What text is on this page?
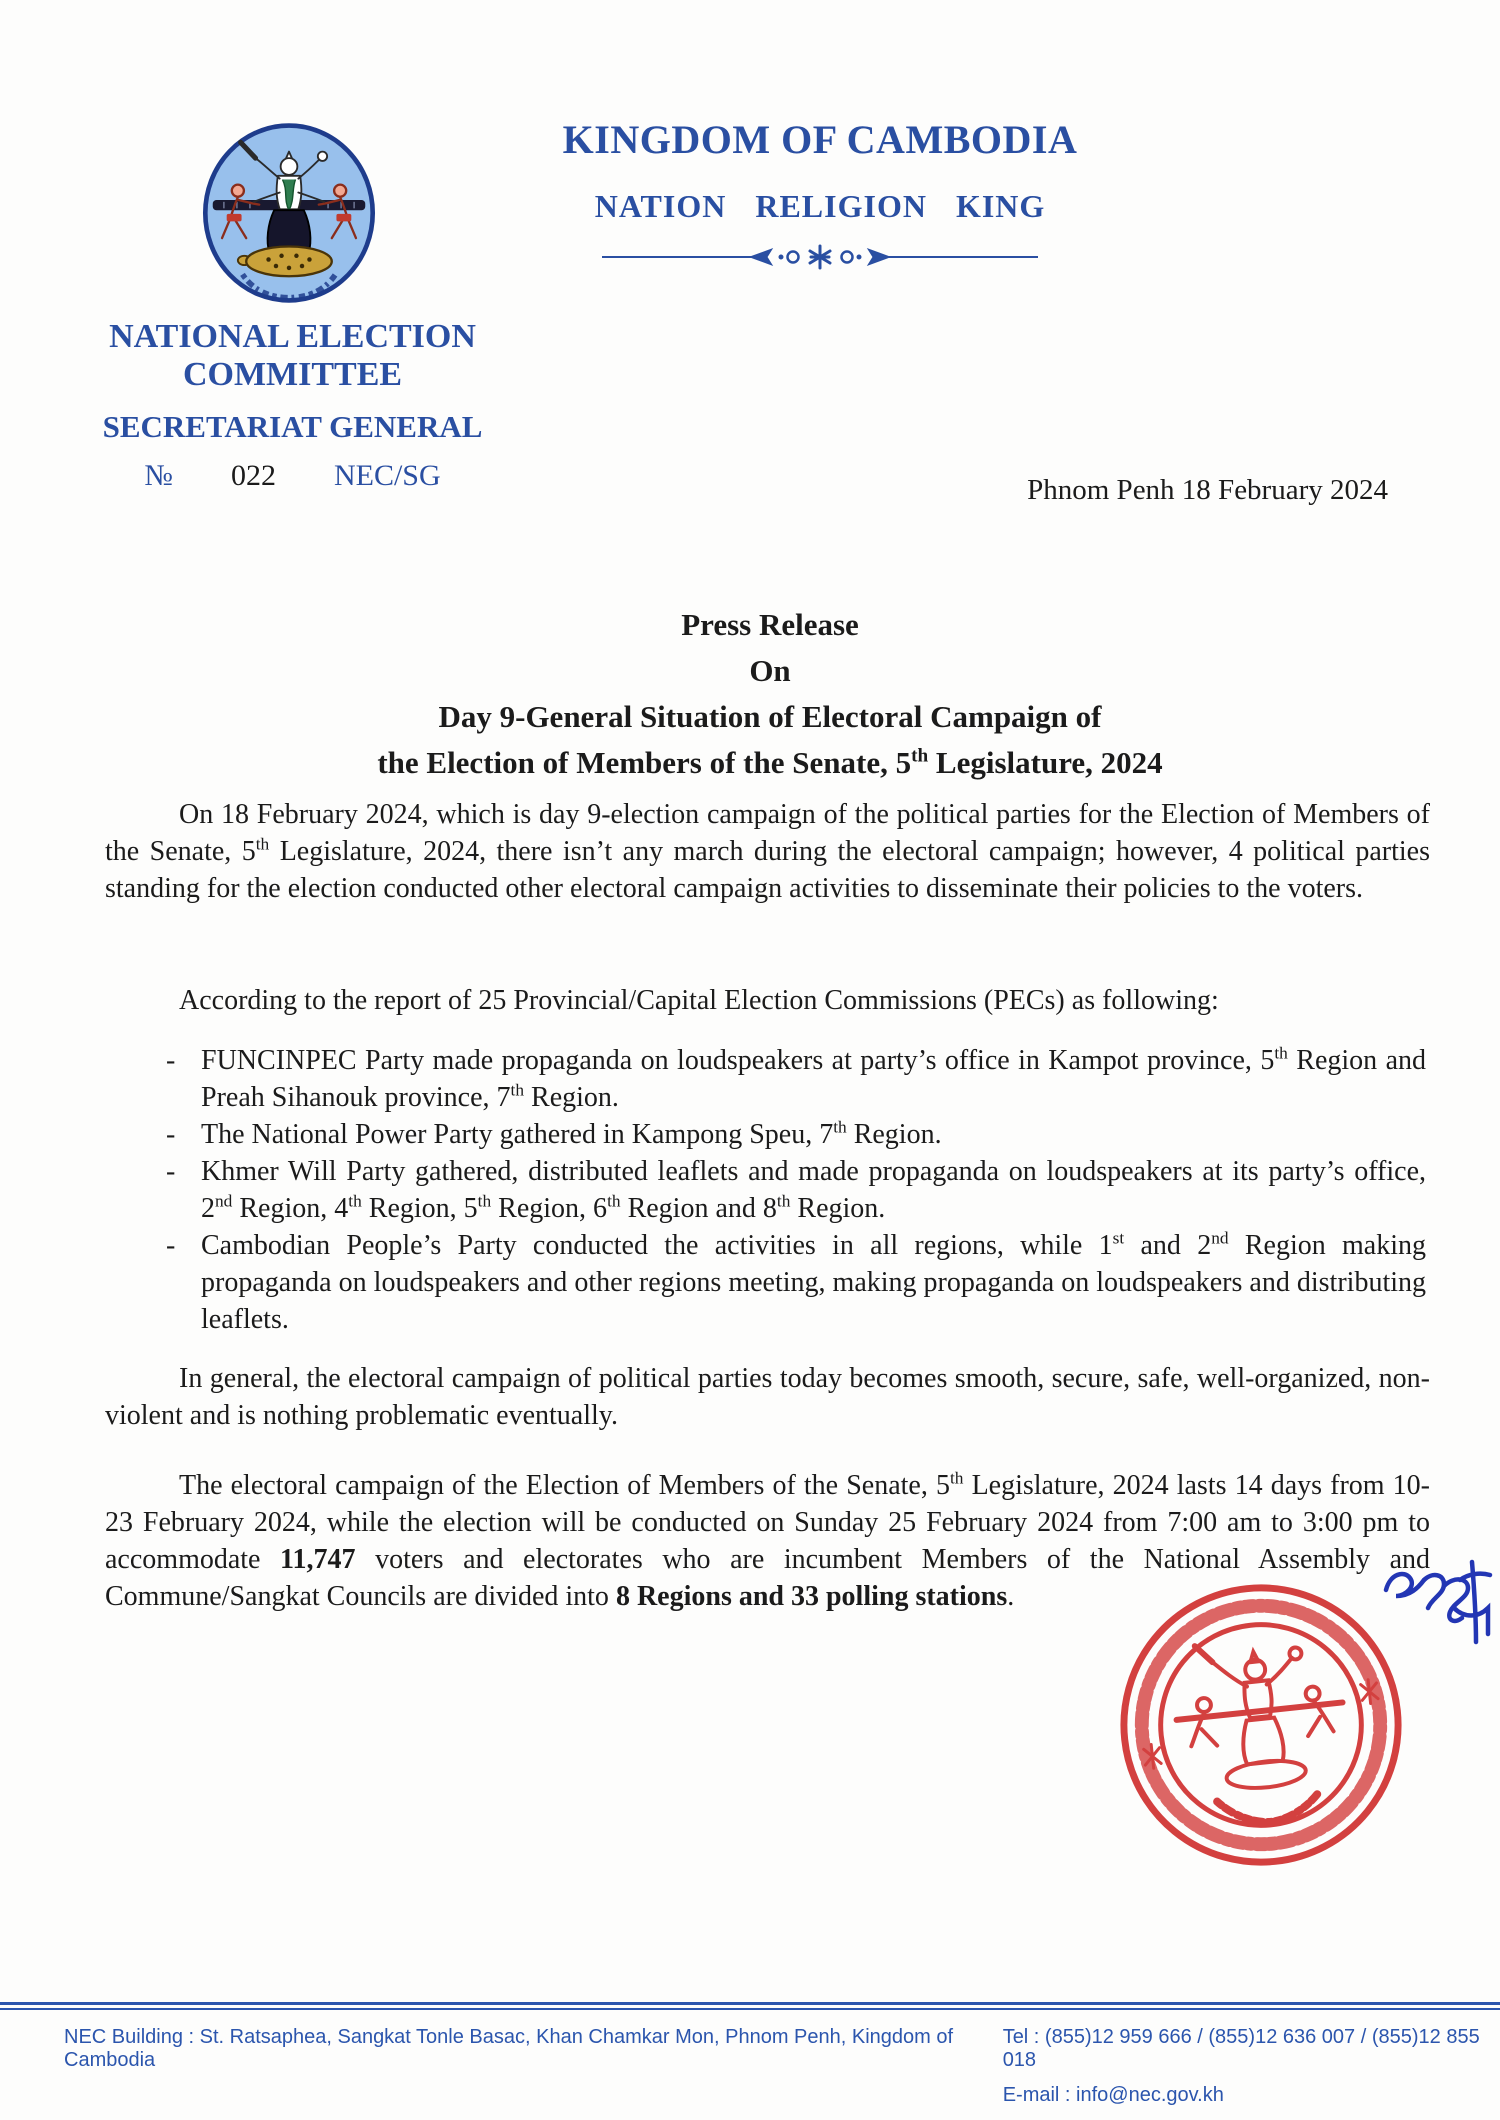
KINGDOM OF CAMBODIA
NATION RELIGION KING
NATIONAL ELECTION COMMITTEE
SECRETARIAT GENERAL
№ 022 NEC/SG	Phnom Penh 18 February 2024
Press Release
On
Day 9-General Situation of Electoral Campaign of
the Election of Members of the Senate, 5th Legislature, 2024

On 18 February 2024, which is day 9-election campaign of the political parties for the Election of Members of the Senate, 5th Legislature, 2024, there isn’t any march during the electoral campaign; however, 4 political parties standing for the election conducted other electoral campaign activities to disseminate their policies to the voters.

According to the report of 25 Provincial/Capital Election Commissions (PECs) as following:

- FUNCINPEC Party made propaganda on loudspeakers at party’s office in Kampot province, 5th Region and Preah Sihanouk province, 7th Region.
- The National Power Party gathered in Kampong Speu, 7th Region.
- Khmer Will Party gathered, distributed leaflets and made propaganda on loudspeakers at its party’s office, 2nd Region, 4th Region, 5th Region, 6th Region and 8th Region.
- Cambodian People’s Party conducted the activities in all regions, while 1st and 2nd Region making propaganda on loudspeakers and other regions meeting, making propaganda on loudspeakers and distributing leaflets.

In general, the electoral campaign of political parties today becomes smooth, secure, safe, well-organized, non-violent and is nothing problematic eventually.

The electoral campaign of the Election of Members of the Senate, 5th Legislature, 2024 lasts 14 days from 10-23 February 2024, while the election will be conducted on Sunday 25 February 2024 from 7:00 am to 3:00 pm to accommodate 11,747 voters and electorates who are incumbent Members of the National Assembly and Commune/Sangkat Councils are divided into 8 Regions and 33 polling stations.

NEC Building : St. Ratsaphea, Sangkat Tonle Basac, Khan Chamkar Mon, Phnom Penh, Kingdom of Cambodia
Tel : (855)12 959 666 / (855)12 636 007 / (855)12 855 018
E-mail : info@nec.gov.kh
